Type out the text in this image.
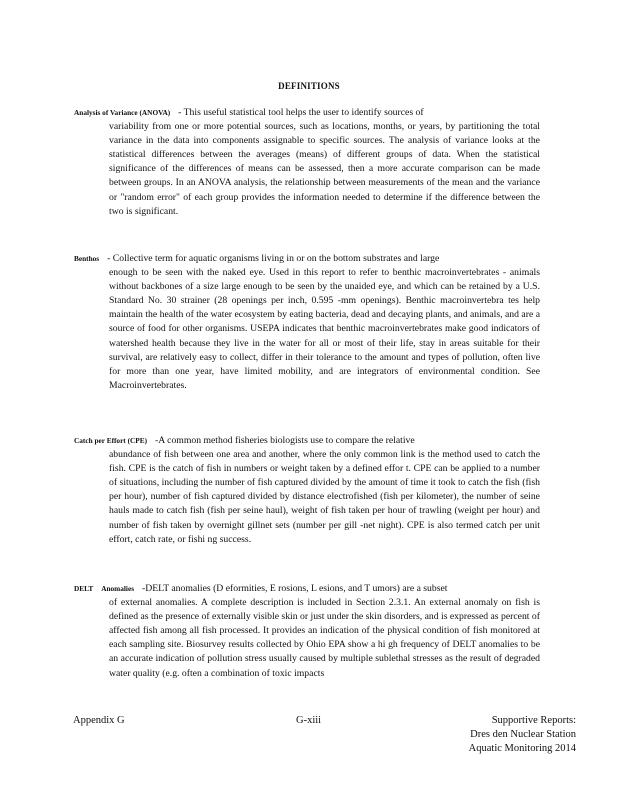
DEFINITIONS

Analysis of Variance (ANOVA) - This useful statistical tool helps the user to identify sources of

variability from one or more potential sources, such as locations, months, or years, by partitioning the total variance in the data into components assignable to specific sources. The analysis of variance looks at the statistical differences between the averages (means) of different groups of data. When the statistical significance of the differences of means can be assessed, then a more accurate comparison can be made between groups. In an ANOVA analysis, the relationship between measurements of the mean and the variance or "random error" of each group provides the information needed to determine if the difference between the two is significant.

Benthos - Collective term for aquatic organisms living in or on the bottom substrates and large

enough to be seen with the naked eye. Used in this report to refer to benthic macroinvertebrates - animals without backbones of a size large enough to be seen by the unaided eye, and which can be retained by a U.S. Standard No. 30 strainer (28 openings per inch, 0.595 -mm openings). Benthic macroinvertebra tes help maintain the health of the water ecosystem by eating bacteria, dead and decaying plants, and animals, and are a source of food for other organisms. USEPA indicates that benthic macroinvertebrates make good indicators of watershed health because they live in the water for all or most of their life, stay in areas suitable for their survival, are relatively easy to collect, differ in their tolerance to the amount and types of pollution, often live for more than one year, have limited mobility, and are integrators of environmental condition. See Macroinvertebrates.

Catch per Effort (CPE) -A common method fisheries biologists use to compare the relative

abundance of fish between one area and another, where the only common link is the method used to catch the fish. CPE is the catch of fish in numbers or weight taken by a defined effor t. CPE can be applied to a number of situations, including the number of fish captured divided by the amount of time it took to catch the fish (fish per hour), number of fish captured divided by distance electrofished (fish per kilometer), the number of seine hauls made to catch fish (fish per seine haul), weight of fish taken per hour of trawling (weight per hour) and number of fish taken by overnight gillnet sets (number per gill -net night). CPE is also termed catch per unit effort, catch rate, or fishi ng success.

DELT Anomalies -DELT anomalies (D eformities, E rosions, L esions, and T umors) are a subset

of external anomalies. A complete description is included in Section 2.3.1. An external anomaly on fish is defined as the presence of externally visible skin or just under the skin disorders, and is expressed as percent of affected fish among all fish processed. It provides an indication of the physical condition of fish monitored at each sampling site. Biosurvey results collected by Ohio EPA show a hi gh frequency of DELT anomalies to be an accurate indication of pollution stress usually caused by multiple sublethal stresses as the result of degraded water quality (e.g. often a combination of toxic impacts

Appendix G	G-xiii	Supportive Reports:
Dres den Nuclear Station
Aquatic Monitoring 2014
